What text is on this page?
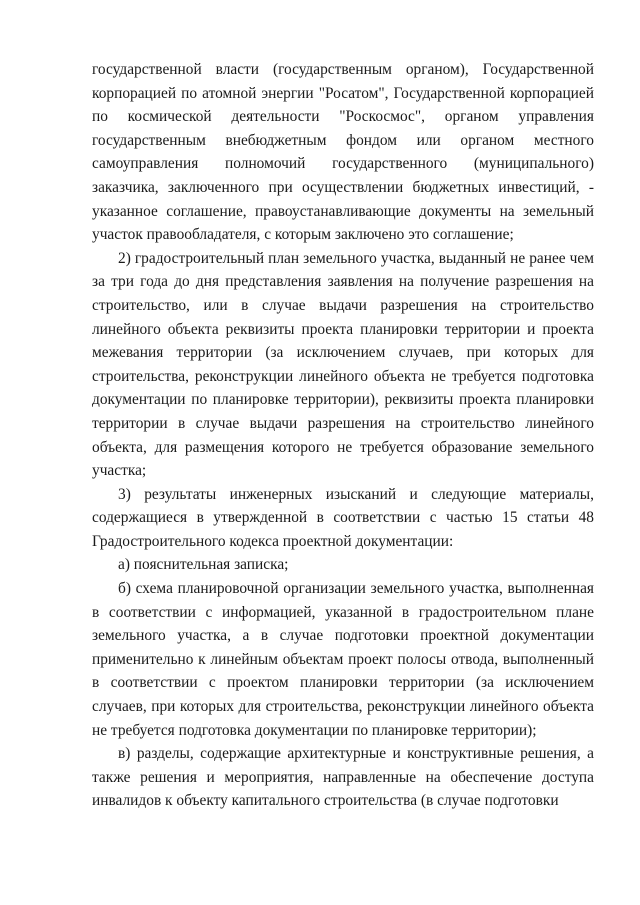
государственной власти (государственным органом), Государственной корпорацией по атомной энергии "Росатом", Государственной корпорацией по космической деятельности "Роскосмос", органом управления государственным внебюджетным фондом или органом местного самоуправления полномочий государственного (муниципального) заказчика, заключенного при осуществлении бюджетных инвестиций, - указанное соглашение, правоустанавливающие документы на земельный участок правообладателя, с которым заключено это соглашение;

2) градостроительный план земельного участка, выданный не ранее чем за три года до дня представления заявления на получение разрешения на строительство, или в случае выдачи разрешения на строительство линейного объекта реквизиты проекта планировки территории и проекта межевания территории (за исключением случаев, при которых для строительства, реконструкции линейного объекта не требуется подготовка документации по планировке территории), реквизиты проекта планировки территории в случае выдачи разрешения на строительство линейного объекта, для размещения которого не требуется образование земельного участка;

3) результаты инженерных изысканий и следующие материалы, содержащиеся в утвержденной в соответствии с частью 15 статьи 48 Градостроительного кодекса проектной документации:

а) пояснительная записка;

б) схема планировочной организации земельного участка, выполненная в соответствии с информацией, указанной в градостроительном плане земельного участка, а в случае подготовки проектной документации применительно к линейным объектам проект полосы отвода, выполненный в соответствии с проектом планировки территории (за исключением случаев, при которых для строительства, реконструкции линейного объекта не требуется подготовка документации по планировке территории);

в) разделы, содержащие архитектурные и конструктивные решения, а также решения и мероприятия, направленные на обеспечение доступа инвалидов к объекту капитального строительства (в случае подготовки
